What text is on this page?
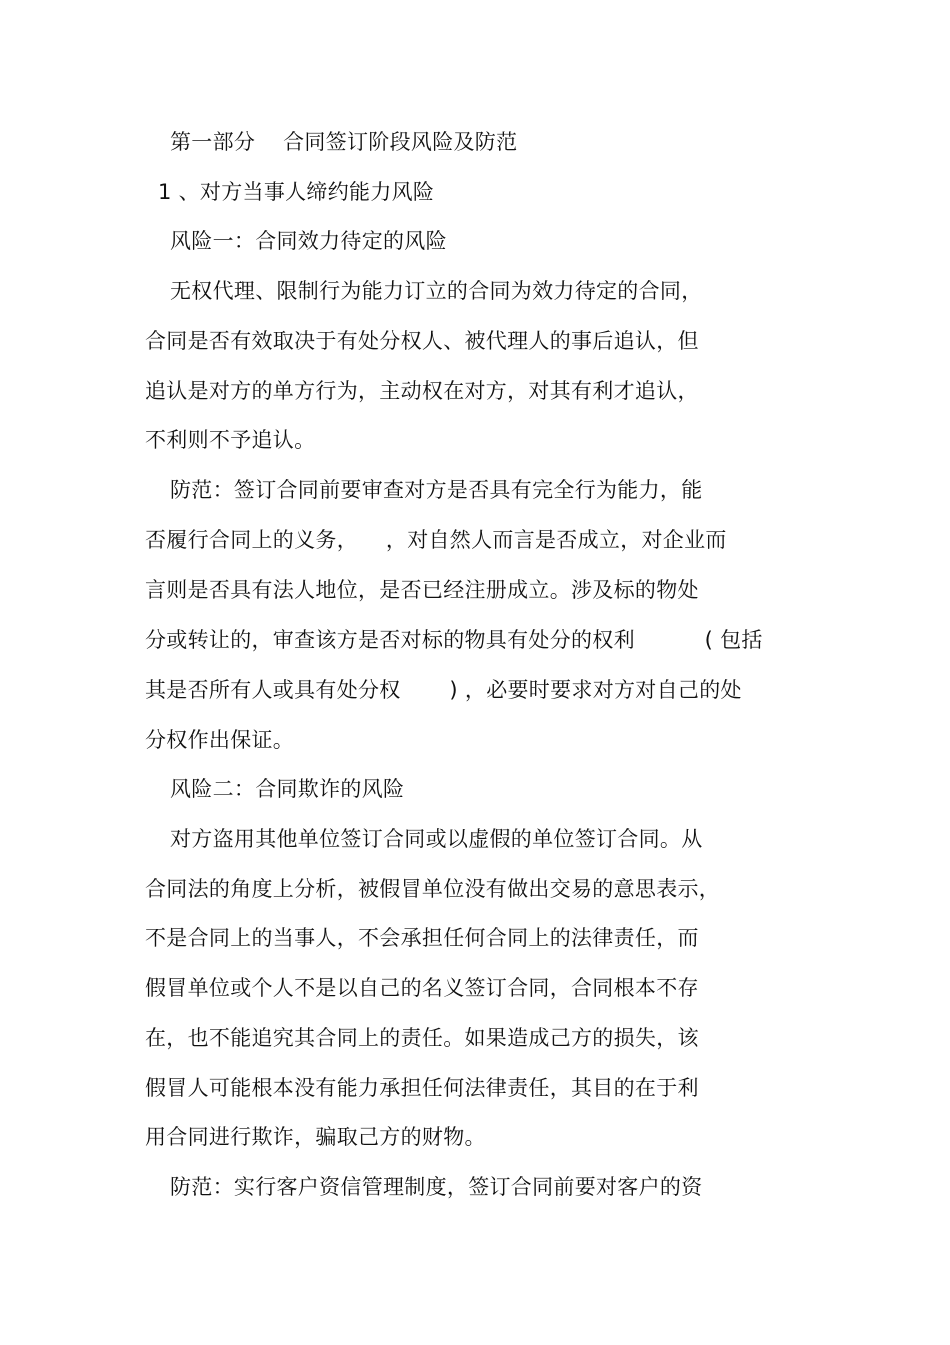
第一部分    合同签订阶段风险及防范
1 、对方当事人缔约能力风险
风险一：合同效力待定的风险
无权代理、限制行为能力订立的合同为效力待定的合同，
合同是否有效取决于有处分权人、被代理人的事后追认，但
追认是对方的单方行为，主动权在对方，对其有利才追认，
不利则不予追认。
防范：签订合同前要审查对方是否具有完全行为能力，能
否履行合同上的义务，    ，对自然人而言是否成立，对企业而
言则是否具有法人地位，是否已经注册成立。涉及标的物处
分或转让的，审查该方是否对标的物具有处分的权利          ( 包括
其是否所有人或具有处分权       ) ，必要时要求对方对自己的处
分权作出保证。
风险二：合同欺诈的风险
对方盗用其他单位签订合同或以虚假的单位签订合同。从
合同法的角度上分析，被假冒单位没有做出交易的意思表示，
不是合同上的当事人，不会承担任何合同上的法律责任，而
假冒单位或个人不是以自己的名义签订合同，合同根本不存
在，也不能追究其合同上的责任。如果造成己方的损失，该
假冒人可能根本没有能力承担任何法律责任，其目的在于利
用合同进行欺诈，骗取己方的财物。
防范：实行客户资信管理制度，签订合同前要对客户的资
